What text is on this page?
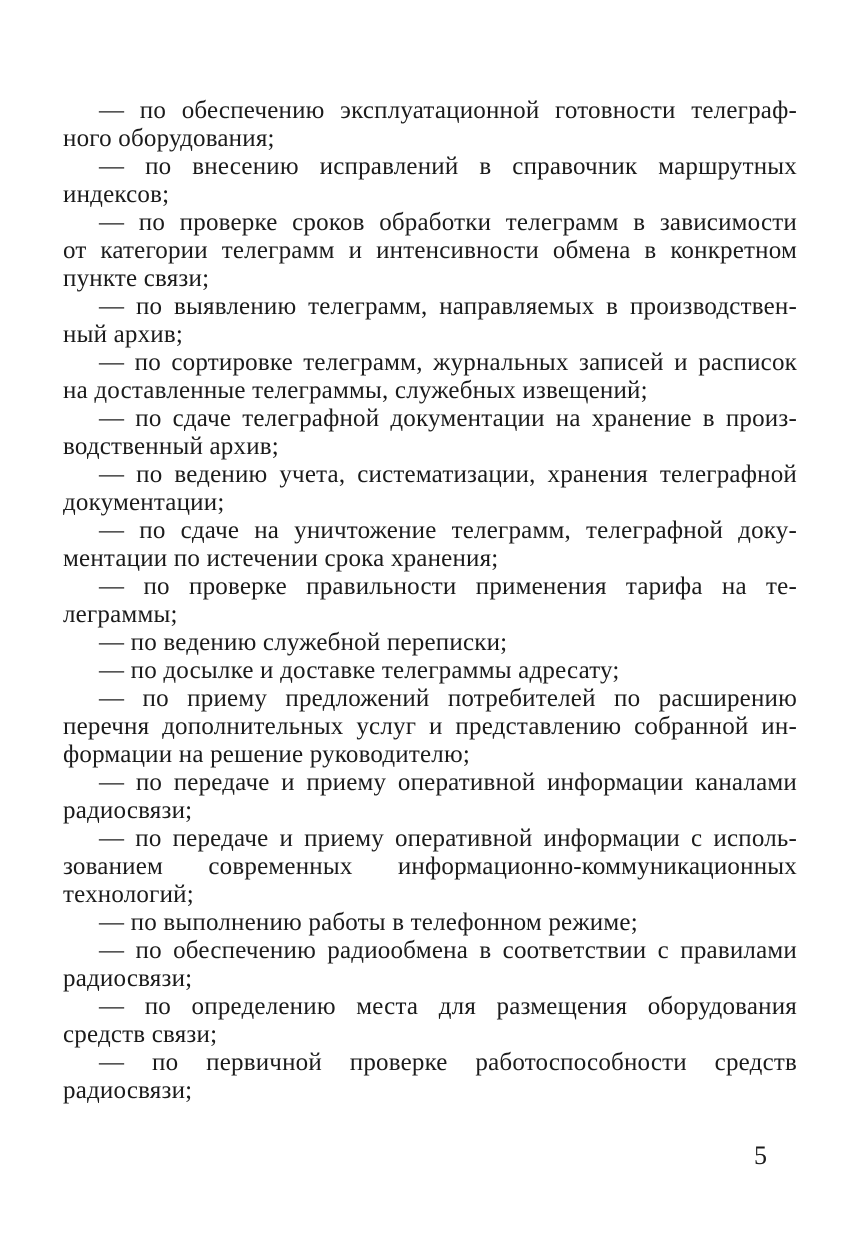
— по обеспечению эксплуатационной готовности телеграф-
ного оборудования;
— по внесению исправлений в справочник маршрутных
индексов;
— по проверке сроков обработки телеграмм в зависимости
от категории телеграмм и интенсивности обмена в конкретном
пункте связи;
— по выявлению телеграмм, направляемых в производствен-
ный архив;
— по сортировке телеграмм, журнальных записей и расписок
на доставленные телеграммы, служебных извещений;
— по сдаче телеграфной документации на хранение в произ-
водственный архив;
— по ведению учета, систематизации, хранения телеграфной
документации;
— по сдаче на уничтожение телеграмм, телеграфной доку-
ментации по истечении срока хранения;
— по проверке правильности применения тарифа на те-
леграммы;
— по ведению служебной переписки;
— по досылке и доставке телеграммы адресату;
— по приему предложений потребителей по расширению
перечня дополнительных услуг и представлению собранной ин-
формации на решение руководителю;
— по передаче и приему оперативной информации каналами
радиосвязи;
— по передаче и приему оперативной информации с исполь-
зованием современных информационно-коммуникационных
технологий;
— по выполнению работы в телефонном режиме;
— по обеспечению радиообмена в соответствии с правилами
радиосвязи;
— по определению места для размещения оборудования
средств связи;
— по первичной проверке работоспособности средств
радиосвязи;
5
